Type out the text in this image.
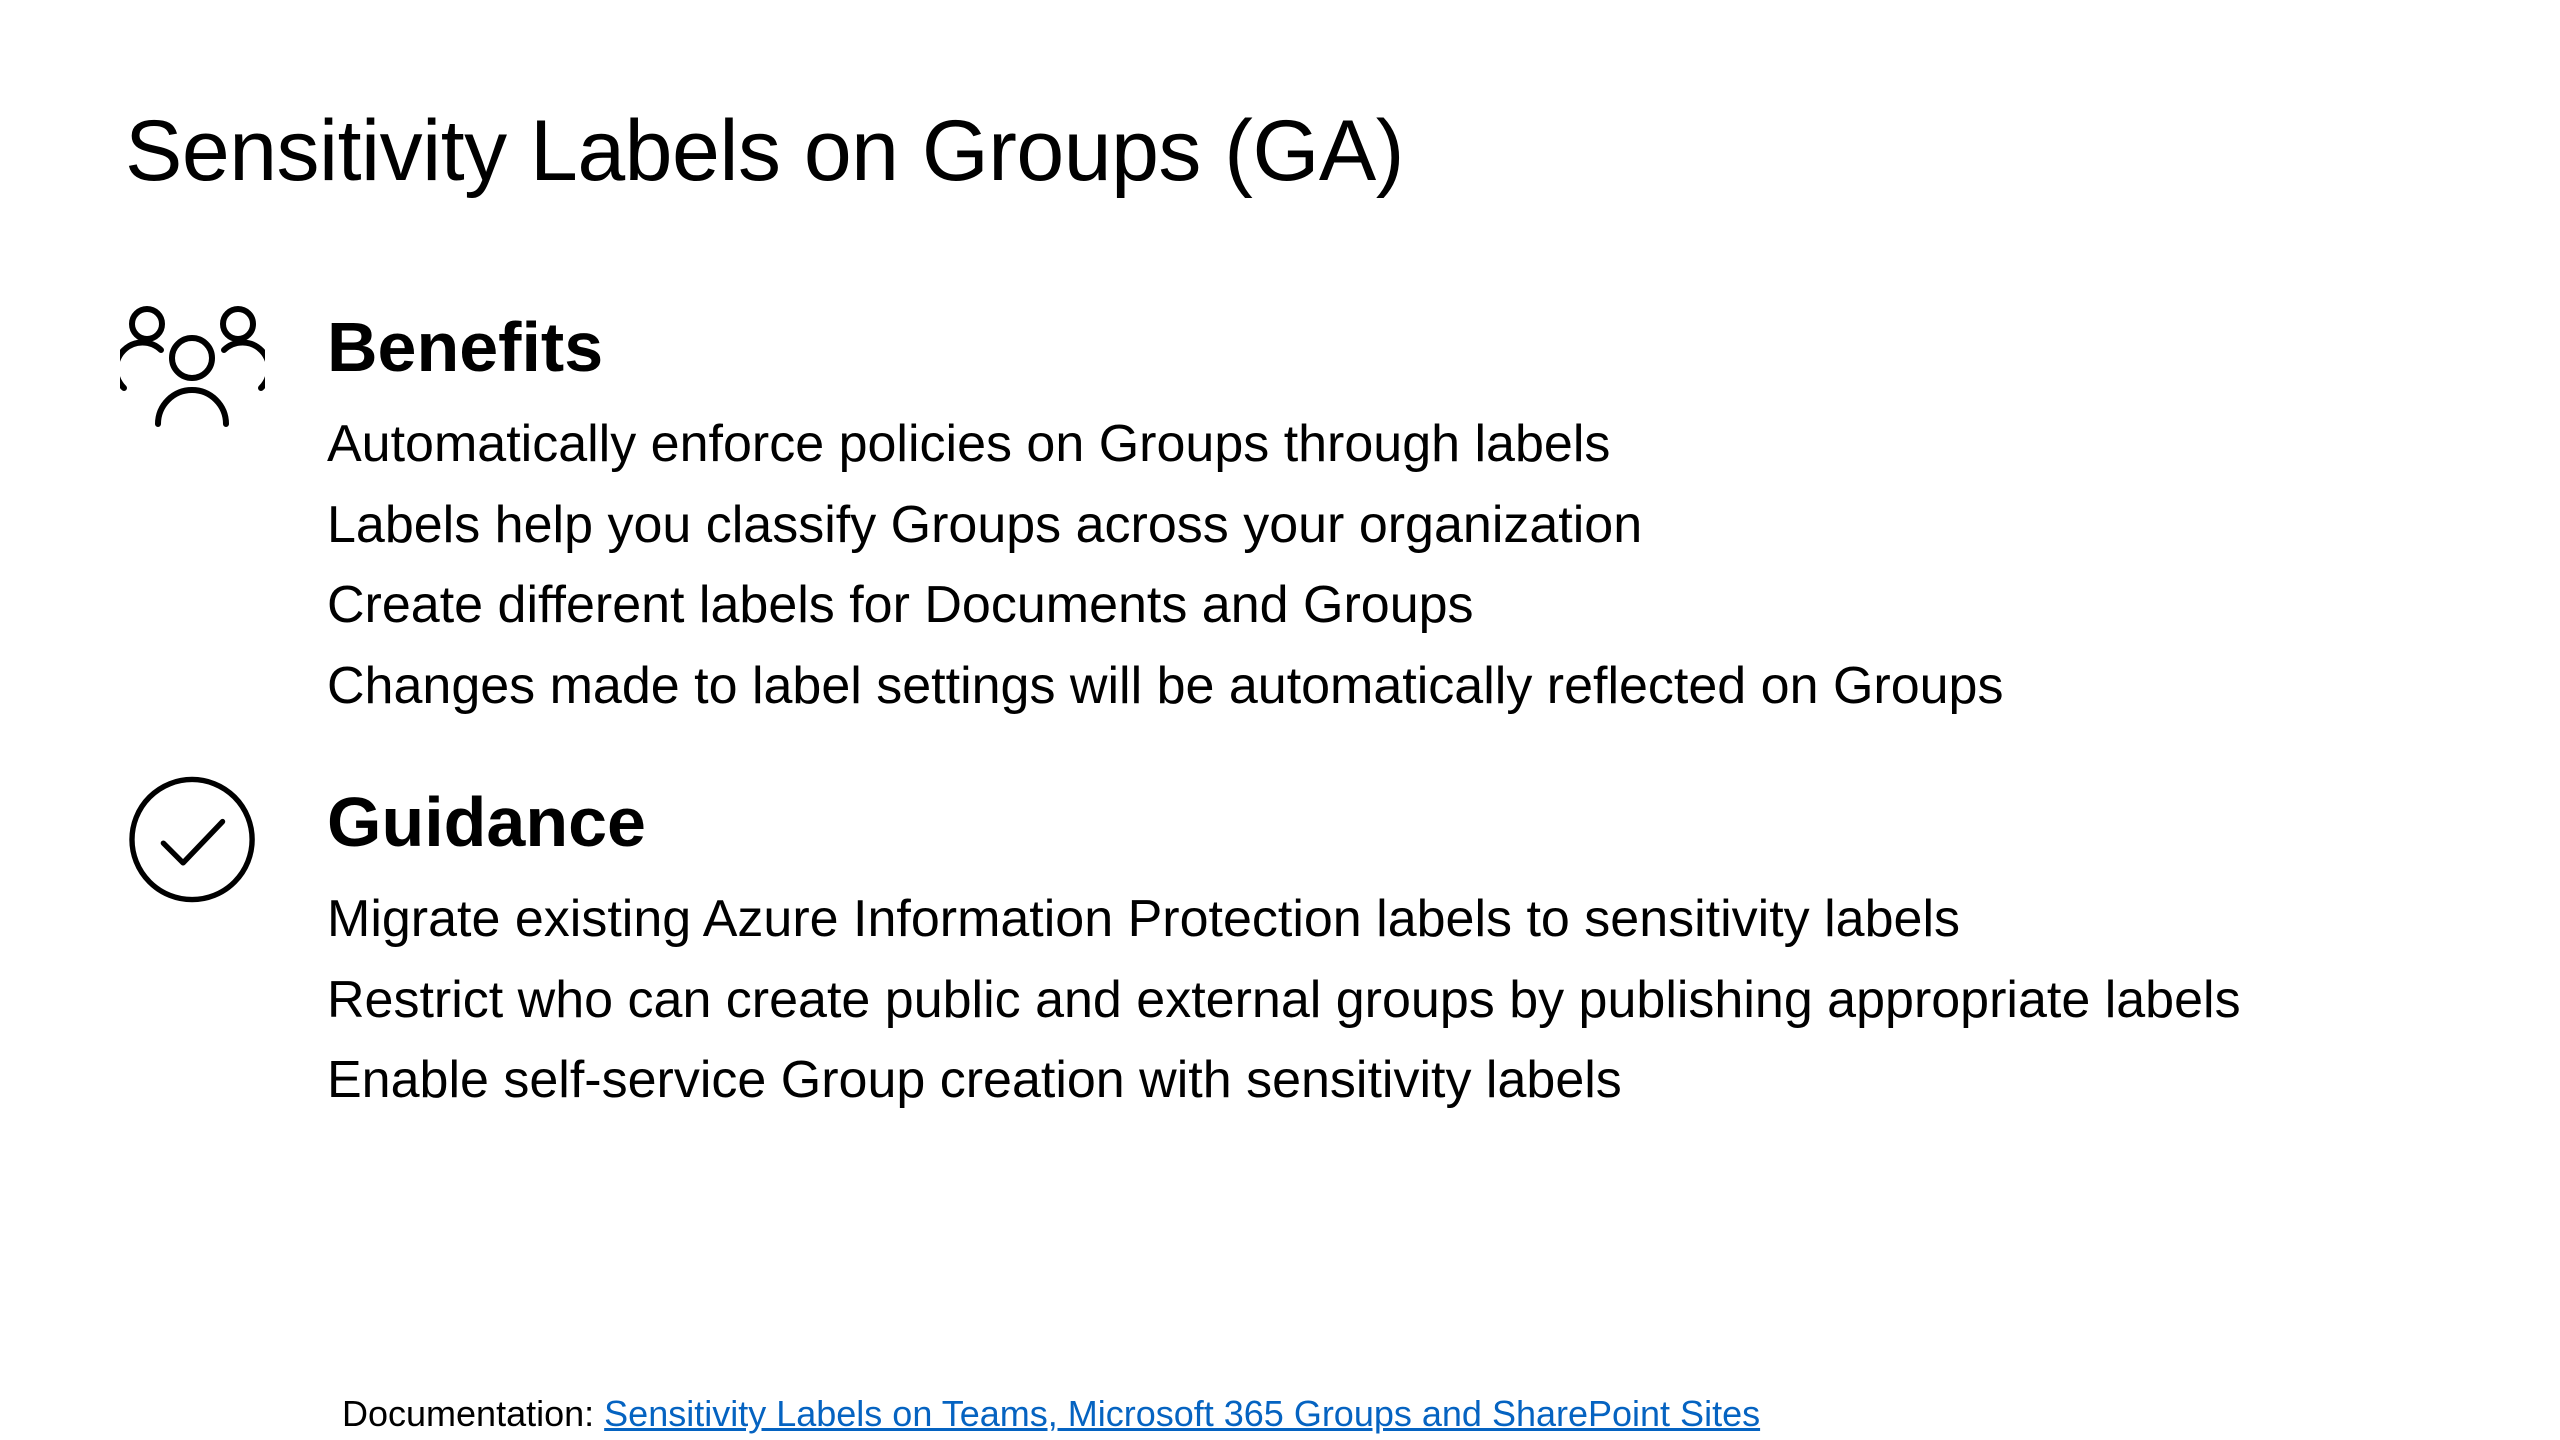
Sensitivity Labels on Groups (GA)
Benefits
Automatically enforce policies on Groups through labels
Labels help you classify Groups across your organization
Create different labels for Documents and Groups
Changes made to label settings will be automatically reflected on Groups
Guidance
Migrate existing Azure Information Protection labels to sensitivity labels
Restrict who can create public and external groups by publishing appropriate labels
Enable self-service Group creation with sensitivity labels
Documentation: Sensitivity Labels on Teams, Microsoft 365 Groups and SharePoint Sites
